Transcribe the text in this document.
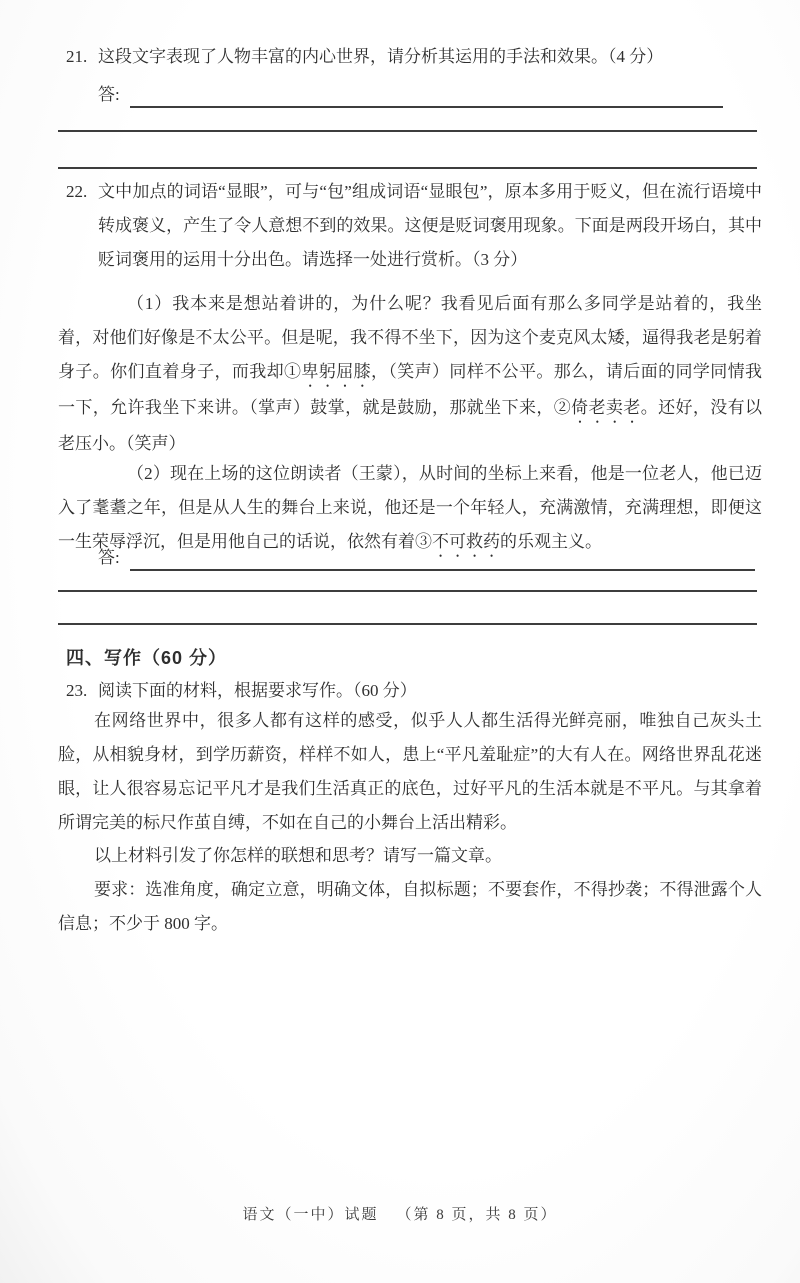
21. 这段文字表现了人物丰富的内心世界，请分析其运用的手法和效果。（4 分）
答:
22. 文中加点的词语“显眼”，可与“包”组成词语“显眼包”，原本多用于贬义，但在流行语境中转成褒义，产生了令人意想不到的效果。这便是贬词褒用现象。下面是两段开场白，其中贬词褒用的运用十分出色。请选择一处进行赏析。（3 分）
（1）我本来是想站着讲的，为什么呢？我看见后面有那么多同学是站着的，我坐着，对他们好像是不太公平。但是呢，我不得不坐下，因为这个麦克风太矮，逼得我老是躬着身子。你们直着身子，而我却①卑躬屈膝，（笑声）同样不公平。那么，请后面的同学同情我一下，允许我坐下来讲。（掌声）鼓掌，就是鼓励，那就坐下来，②倚老卖老。还好，没有以老压小。（笑声）
（2）现在上场的这位朗读者（王蒙），从时间的坐标上来看，他是一位老人，他已迈入了耄耋之年，但是从人生的舞台上来说，他还是一个年轻人，充满激情，充满理想，即便这一生荣辱浮沉，但是用他自己的话说，依然有着③不可救药的乐观主义。
答:
四、写作（60 分）
23. 阅读下面的材料，根据要求写作。（60 分）
在网络世界中，很多人都有这样的感受，似乎人人都生活得光鲜亮丽，唯独自己灰头土脸，从相貌身材，到学历薪资，样样不如人，患上“平凡羞耻症”的大有人在。网络世界乱花迷眼，让人很容易忘记平凡才是我们生活真正的底色，过好平凡的生活本就是不平凡。与其拿着所谓完美的标尺作茧自缚，不如在自己的小舞台上活出精彩。
以上材料引发了你怎样的联想和思考？请写一篇文章。
要求：选准角度，确定立意，明确文体，自拟标题；不要套作，不得抄袭；不得泄露个人信息；不少于 800 字。
语文（一中）试题 （第 8 页，共 8 页）
